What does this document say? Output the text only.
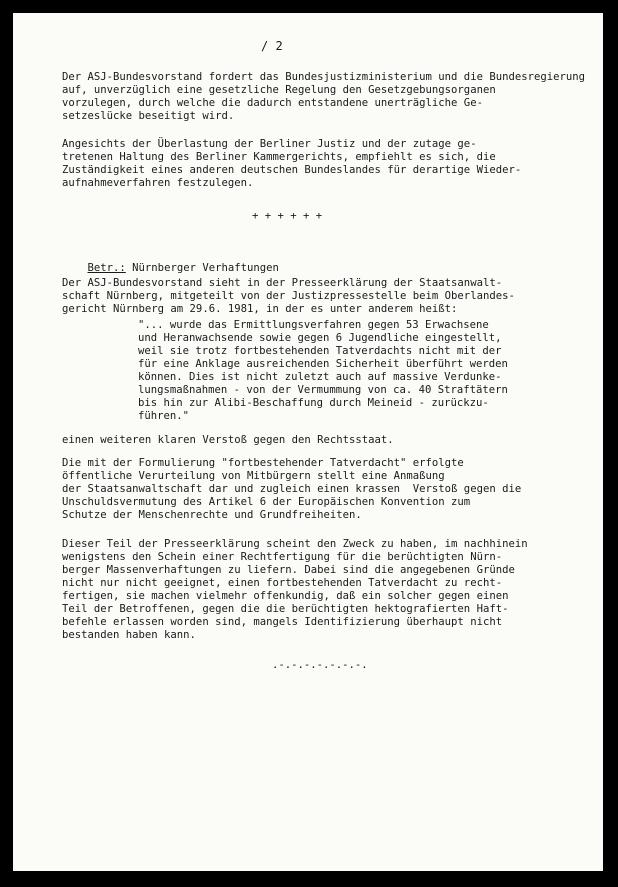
/ 2
Der ASJ-Bundesvorstand fordert das Bundesjustizministerium und die Bundesregierung
auf, unverzüglich eine gesetzliche Regelung den Gesetzgebungsorganen
vorzulegen, durch welche die dadurch entstandene unerträgliche Ge-
setzeslücke beseitigt wird.
Angesichts der Überlastung der Berliner Justiz und der zutage ge-
tretenen Haltung des Berliner Kammergerichts, empfiehlt es sich, die
Zuständigkeit eines anderen deutschen Bundeslandes für derartige Wieder-
aufnahmeverfahren festzulegen.
+ + + + + +

Betr.: Nürnberger Verhaftungen

Der ASJ-Bundesvorstand sieht in der Presseerklärung der Staatsanwalt-
schaft Nürnberg, mitgeteilt von der Justizpressestelle beim Oberlandes-
gericht Nürnberg am 29.6. 1981, in der es unter anderem heißt:
"... wurde das Ermittlungsverfahren gegen 53 Erwachsene
und Heranwachsende sowie gegen 6 Jugendliche eingestellt,
weil sie trotz fortbestehenden Tatverdachts nicht mit der
für eine Anklage ausreichenden Sicherheit überführt werden
können. Dies ist nicht zuletzt auch auf massive Verdunke-
lungsmaßnahmen - von der Vermummung von ca. 40 Straftätern
bis hin zur Alibi-Beschaffung durch Meineid - zurückzu-
führen."
einen weiteren klaren Verstoß gegen den Rechtsstaat.
Die mit der Formulierung "fortbestehender Tatverdacht" erfolgte
öffentliche Verurteilung von Mitbürgern stellt eine Anmaßung
der Staatsanwaltschaft dar und zugleich einen krassen  Verstoß gegen die
Unschuldsvermutung des Artikel 6 der Europäischen Konvention zum
Schutze der Menschenrechte und Grundfreiheiten.
Dieser Teil der Presseerklärung scheint den Zweck zu haben, im nachhinein
wenigstens den Schein einer Rechtfertigung für die berüchtigten Nürn-
berger Massenverhaftungen zu liefern. Dabei sind die angegebenen Gründe
nicht nur nicht geeignet, einen fortbestehenden Tatverdacht zu recht-
fertigen, sie machen vielmehr offenkundig, daß ein solcher gegen einen
Teil der Betroffenen, gegen die die berüchtigten hektografierten Haft-
befehle erlassen worden sind, mangels Identifizierung überhaupt nicht
bestanden haben kann.
.-.-.-.-.-.-.-.
